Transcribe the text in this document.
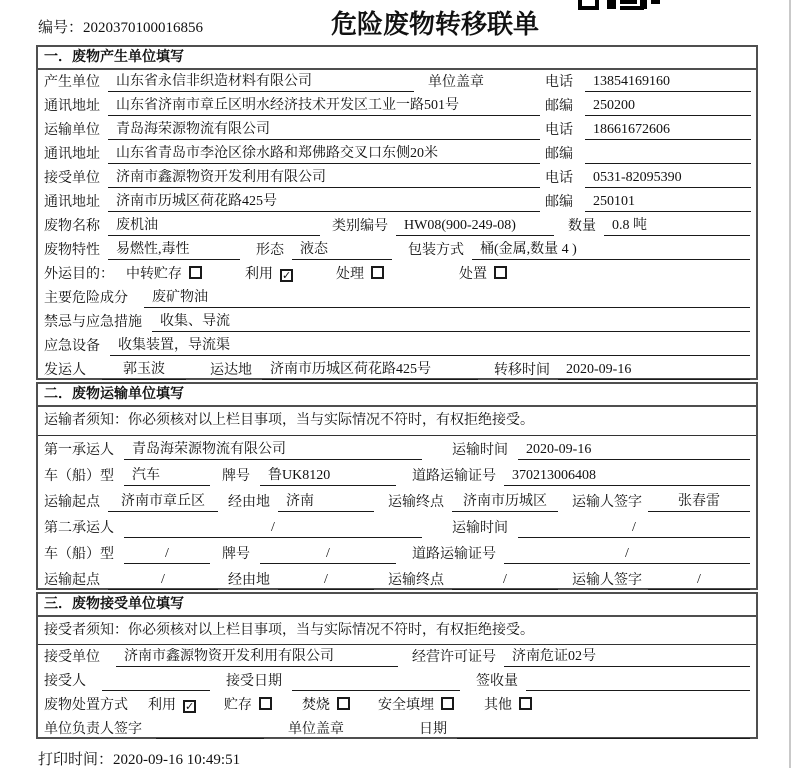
编号：2020370100016856	危险废物转移联单
一．废物产生单位填写
产生单位	山东省永信非织造材料有限公司	单位盖章	电话	13854169160
通讯地址	山东省济南市章丘区明水经济技术开发区工业一路501号	邮编	250200
运输单位	青岛海荣源物流有限公司	电话	18661672606
通讯地址	山东省青岛市李沧区徐水路和郑佛路交叉口东侧20米	邮编
接受单位	济南市鑫源物资开发利用有限公司	电话	0531-82095390
通讯地址	济南市历城区荷花路425号	邮编	250101
废物名称	废机油	类别编号	HW08(900-249-08)	数量	0.8 吨
废物特性	易燃性,毒性	形态	液态	包装方式	桶(金属,数量 4 )
外运目的： 中转贮存	利用 ✓	处理	处置
主要危险成分	废矿物油
禁忌与应急措施	收集、导流
应急设备	收集装置，导流渠
发运人	郭玉波	运达地	济南市历城区荷花路425号	转移时间	2020-09-16
二．废物运输单位填写
运输者须知：你必须核对以上栏目事项，当与实际情况不符时，有权拒绝接受。
第一承运人	青岛海荣源物流有限公司	运输时间	2020-09-16
车（船）型	汽车	牌号	鲁UK8120	道路运输证号	370213006408
运输起点	济南市章丘区	经由地	济南	运输终点	济南市历城区	运输人签字	张春雷
第二承运人	/	运输时间	/
车（船）型	/	牌号	/	道路运输证号	/
运输起点	/	经由地	/	运输终点	/	运输人签字	/
三．废物接受单位填写
接受者须知：你必须核对以上栏目事项，当与实际情况不符时，有权拒绝接受。
接受单位	济南市鑫源物资开发利用有限公司	经营许可证号	济南危证02号
接受人	接受日期	签收量
废物处置方式 利用 ✓ 贮存	焚烧	安全填埋	其他
单位负责人签字	单位盖章	日期
打印时间：2020-09-16 10:49:51
